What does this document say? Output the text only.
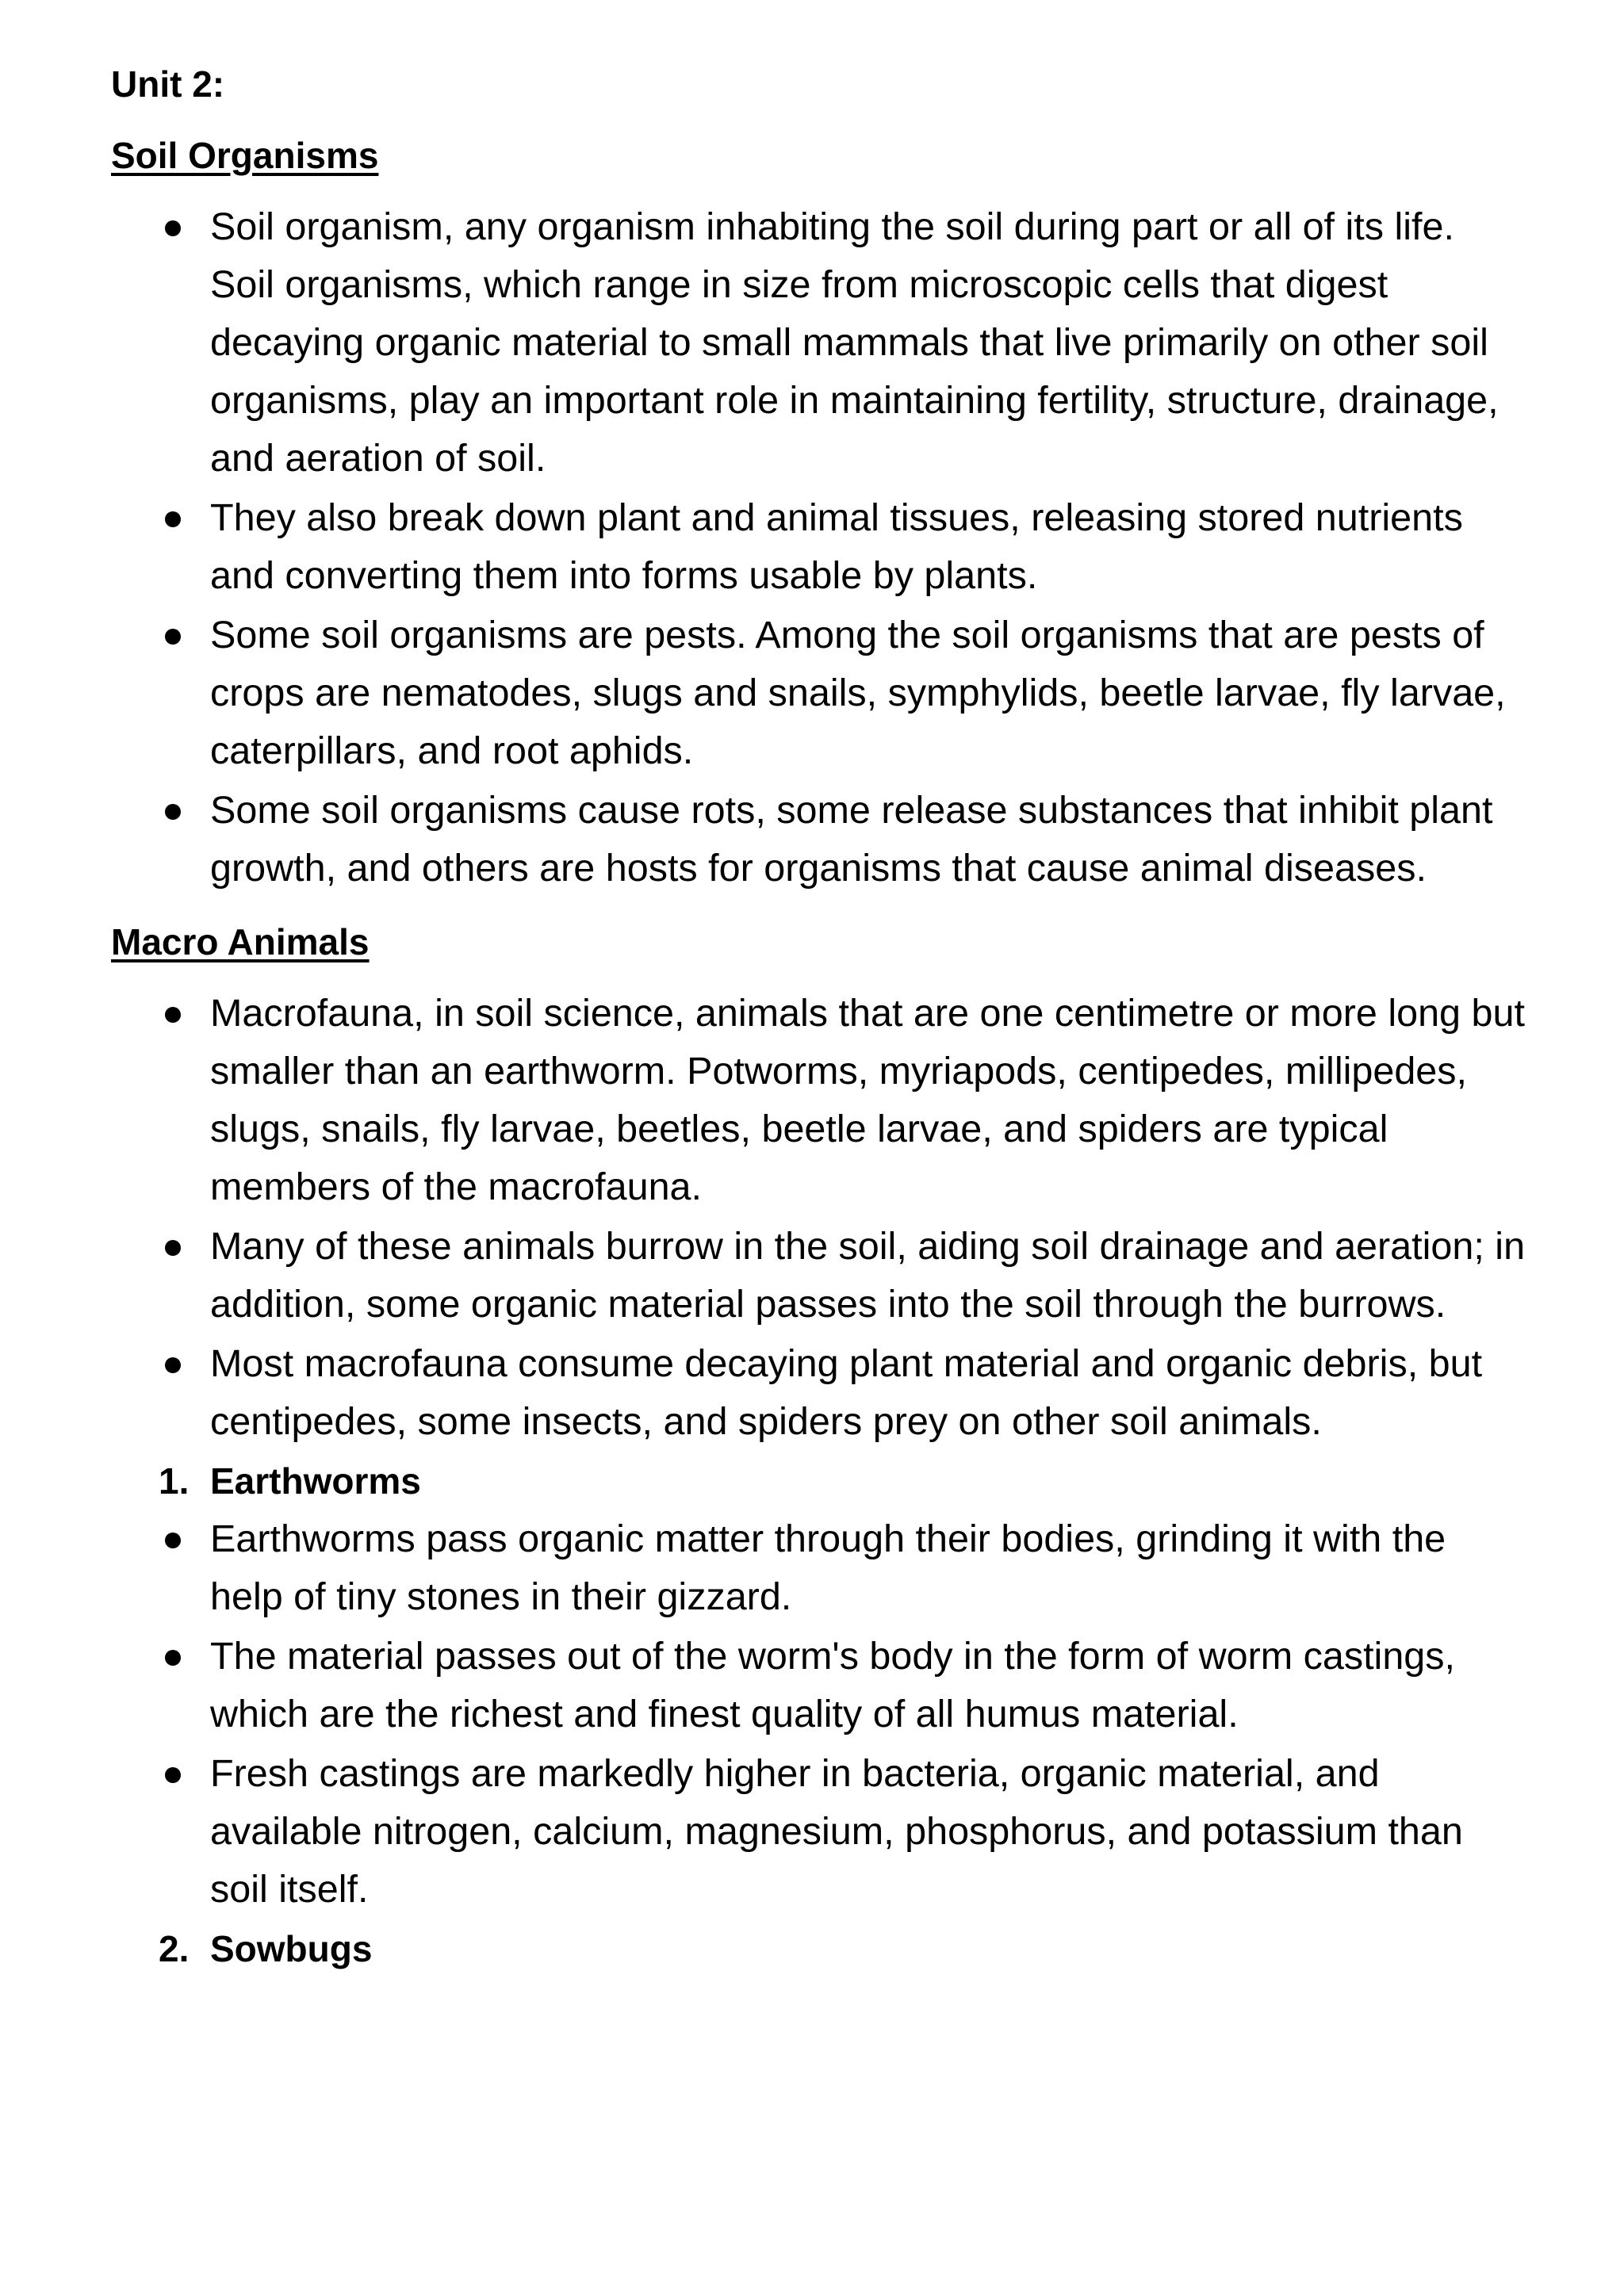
Unit 2:
Soil Organisms
Soil organism, any organism inhabiting the soil during part or all of its life. Soil organisms, which range in size from microscopic cells that digest decaying organic material to small mammals that live primarily on other soil organisms, play an important role in maintaining fertility, structure, drainage, and aeration of soil.
They also break down plant and animal tissues, releasing stored nutrients and converting them into forms usable by plants.
Some soil organisms are pests. Among the soil organisms that are pests of crops are nematodes, slugs and snails, symphylids, beetle larvae, fly larvae, caterpillars, and root aphids.
Some soil organisms cause rots, some release substances that inhibit plant growth, and others are hosts for organisms that cause animal diseases.
Macro Animals
Macrofauna, in soil science, animals that are one centimetre or more long but smaller than an earthworm. Potworms, myriapods, centipedes, millipedes, slugs, snails, fly larvae, beetles, beetle larvae, and spiders are typical members of the macrofauna.
Many of these animals burrow in the soil, aiding soil drainage and aeration; in addition, some organic material passes into the soil through the burrows.
Most macrofauna consume decaying plant material and organic debris, but centipedes, some insects, and spiders prey on other soil animals.
1. Earthworms
Earthworms pass organic matter through their bodies, grinding it with the help of tiny stones in their gizzard.
The material passes out of the worm's body in the form of worm castings, which are the richest and finest quality of all humus material.
Fresh castings are markedly higher in bacteria, organic material, and available nitrogen, calcium, magnesium, phosphorus, and potassium than soil itself.
2. Sowbugs
